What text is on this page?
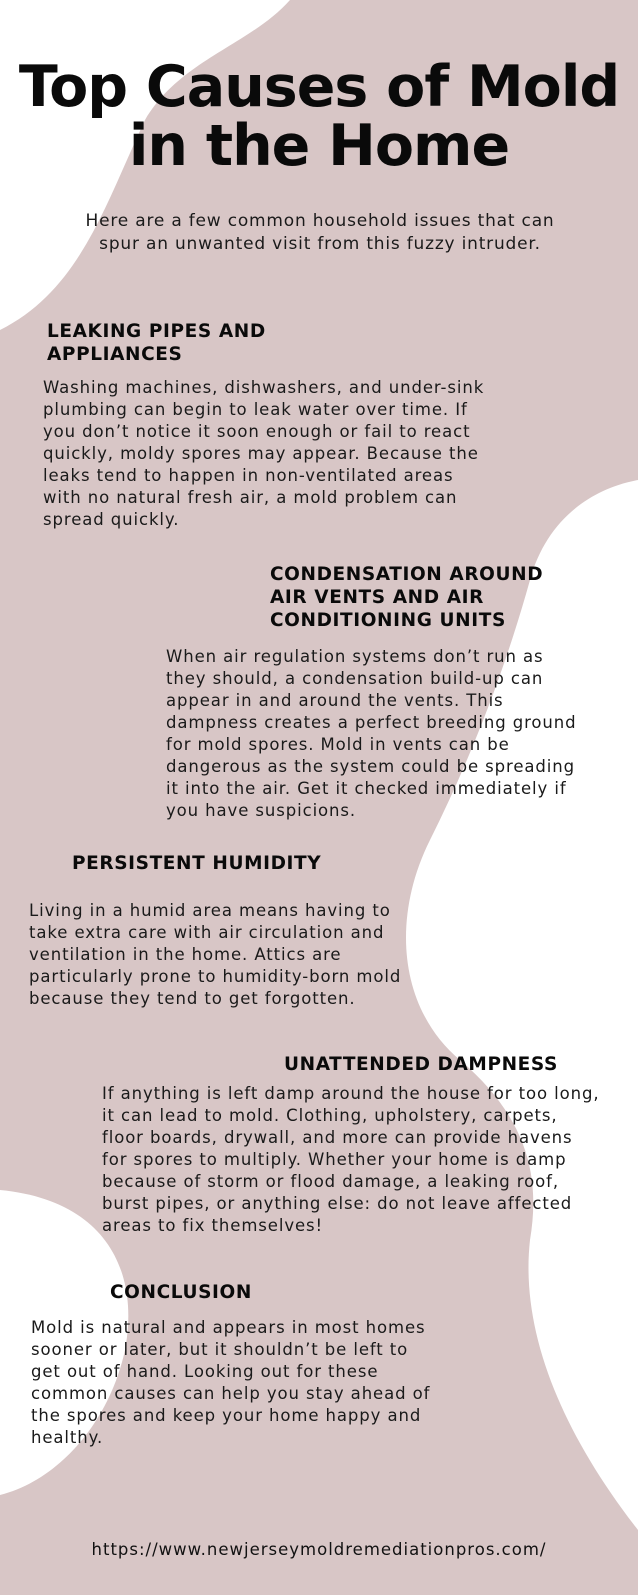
Top Causes of Mold in the Home

Here are a few common household issues that can spur an unwanted visit from this fuzzy intruder.

LEAKING PIPES AND APPLIANCES

Washing machines, dishwashers, and under-sink plumbing can begin to leak water over time. If you don’t notice it soon enough or fail to react quickly, moldy spores may appear. Because the leaks tend to happen in non-ventilated areas with no natural fresh air, a mold problem can spread quickly.

CONDENSATION AROUND AIR VENTS AND AIR CONDITIONING UNITS

When air regulation systems don’t run as they should, a condensation build-up can appear in and around the vents. This dampness creates a perfect breeding ground for mold spores. Mold in vents can be dangerous as the system could be spreading it into the air. Get it checked immediately if you have suspicions.

PERSISTENT HUMIDITY

Living in a humid area means having to take extra care with air circulation and ventilation in the home. Attics are particularly prone to humidity-born mold because they tend to get forgotten.

UNATTENDED DAMPNESS

If anything is left damp around the house for too long, it can lead to mold. Clothing, upholstery, carpets, floor boards, drywall, and more can provide havens for spores to multiply. Whether your home is damp because of storm or flood damage, a leaking roof, burst pipes, or anything else: do not leave affected areas to fix themselves!

CONCLUSION

Mold is natural and appears in most homes sooner or later, but it shouldn’t be left to get out of hand. Looking out for these common causes can help you stay ahead of the spores and keep your home happy and healthy.

https://www.newjerseymoldremediationpros.com/
